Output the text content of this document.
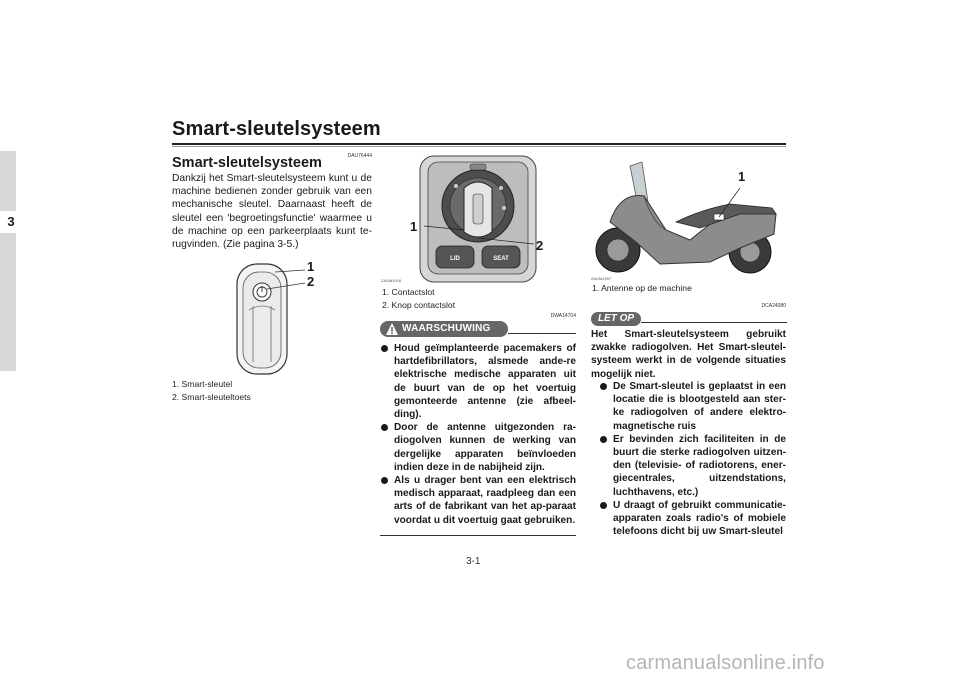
Smart-sleutelsysteem
3
DAU76444
Smart-sleutelsysteem
Dankzij het Smart-sleutelsysteem kunt u de machine bedienen zonder gebruik van een mechanische sleutel. Daarnaast heeft de sleutel een 'begroetingsfunctie' waarmee u de machine op een parkeerplaats kunt te-rugvinden. (Zie pagina 3-5.)
1
2
1. Smart-sleutel
2. Smart-sleuteltoets
LID	SEAT
1
2
ZAUM1916
1. Contactslot
2. Knop contactslot
DWA14704
WAARSCHUWING
Houd geïmplanteerde pacemakers of hartdefibrillators, alsmede ande-re elektrische medische apparaten uit de buurt van de op het voertuig gemonteerde antenne (zie afbeel-ding).
Door de antenne uitgezonden ra-diogolven kunnen de werking van dergelijke apparaten beïnvloeden indien deze in de nabijheid zijn.
Als u drager bent van een elektrisch medisch apparaat, raadpleeg dan een arts of de fabrikant van het ap-paraat voordat u dit voertuig gaat gebruiken.
1
ZAUM1957
1. Antenne op de machine
DCA24080
LET OP
Het Smart-sleutelsysteem gebruikt zwakke radiogolven. Het Smart-sleutel-systeem werkt in de volgende situaties mogelijk niet.
De Smart-sleutel is geplaatst in een locatie die is blootgesteld aan ster-ke radiogolven of andere elektro-magnetische ruis
Er bevinden zich faciliteiten in de buurt die sterke radiogolven uitzen-den (televisie- of radiotorens, ener-giecentrales, uitzendstations, luchthavens, etc.)
U draagt of gebruikt communicatie-apparaten zoals radio's of mobiele telefoons dicht bij uw Smart-sleutel
3-1
carmanualsonline.info
